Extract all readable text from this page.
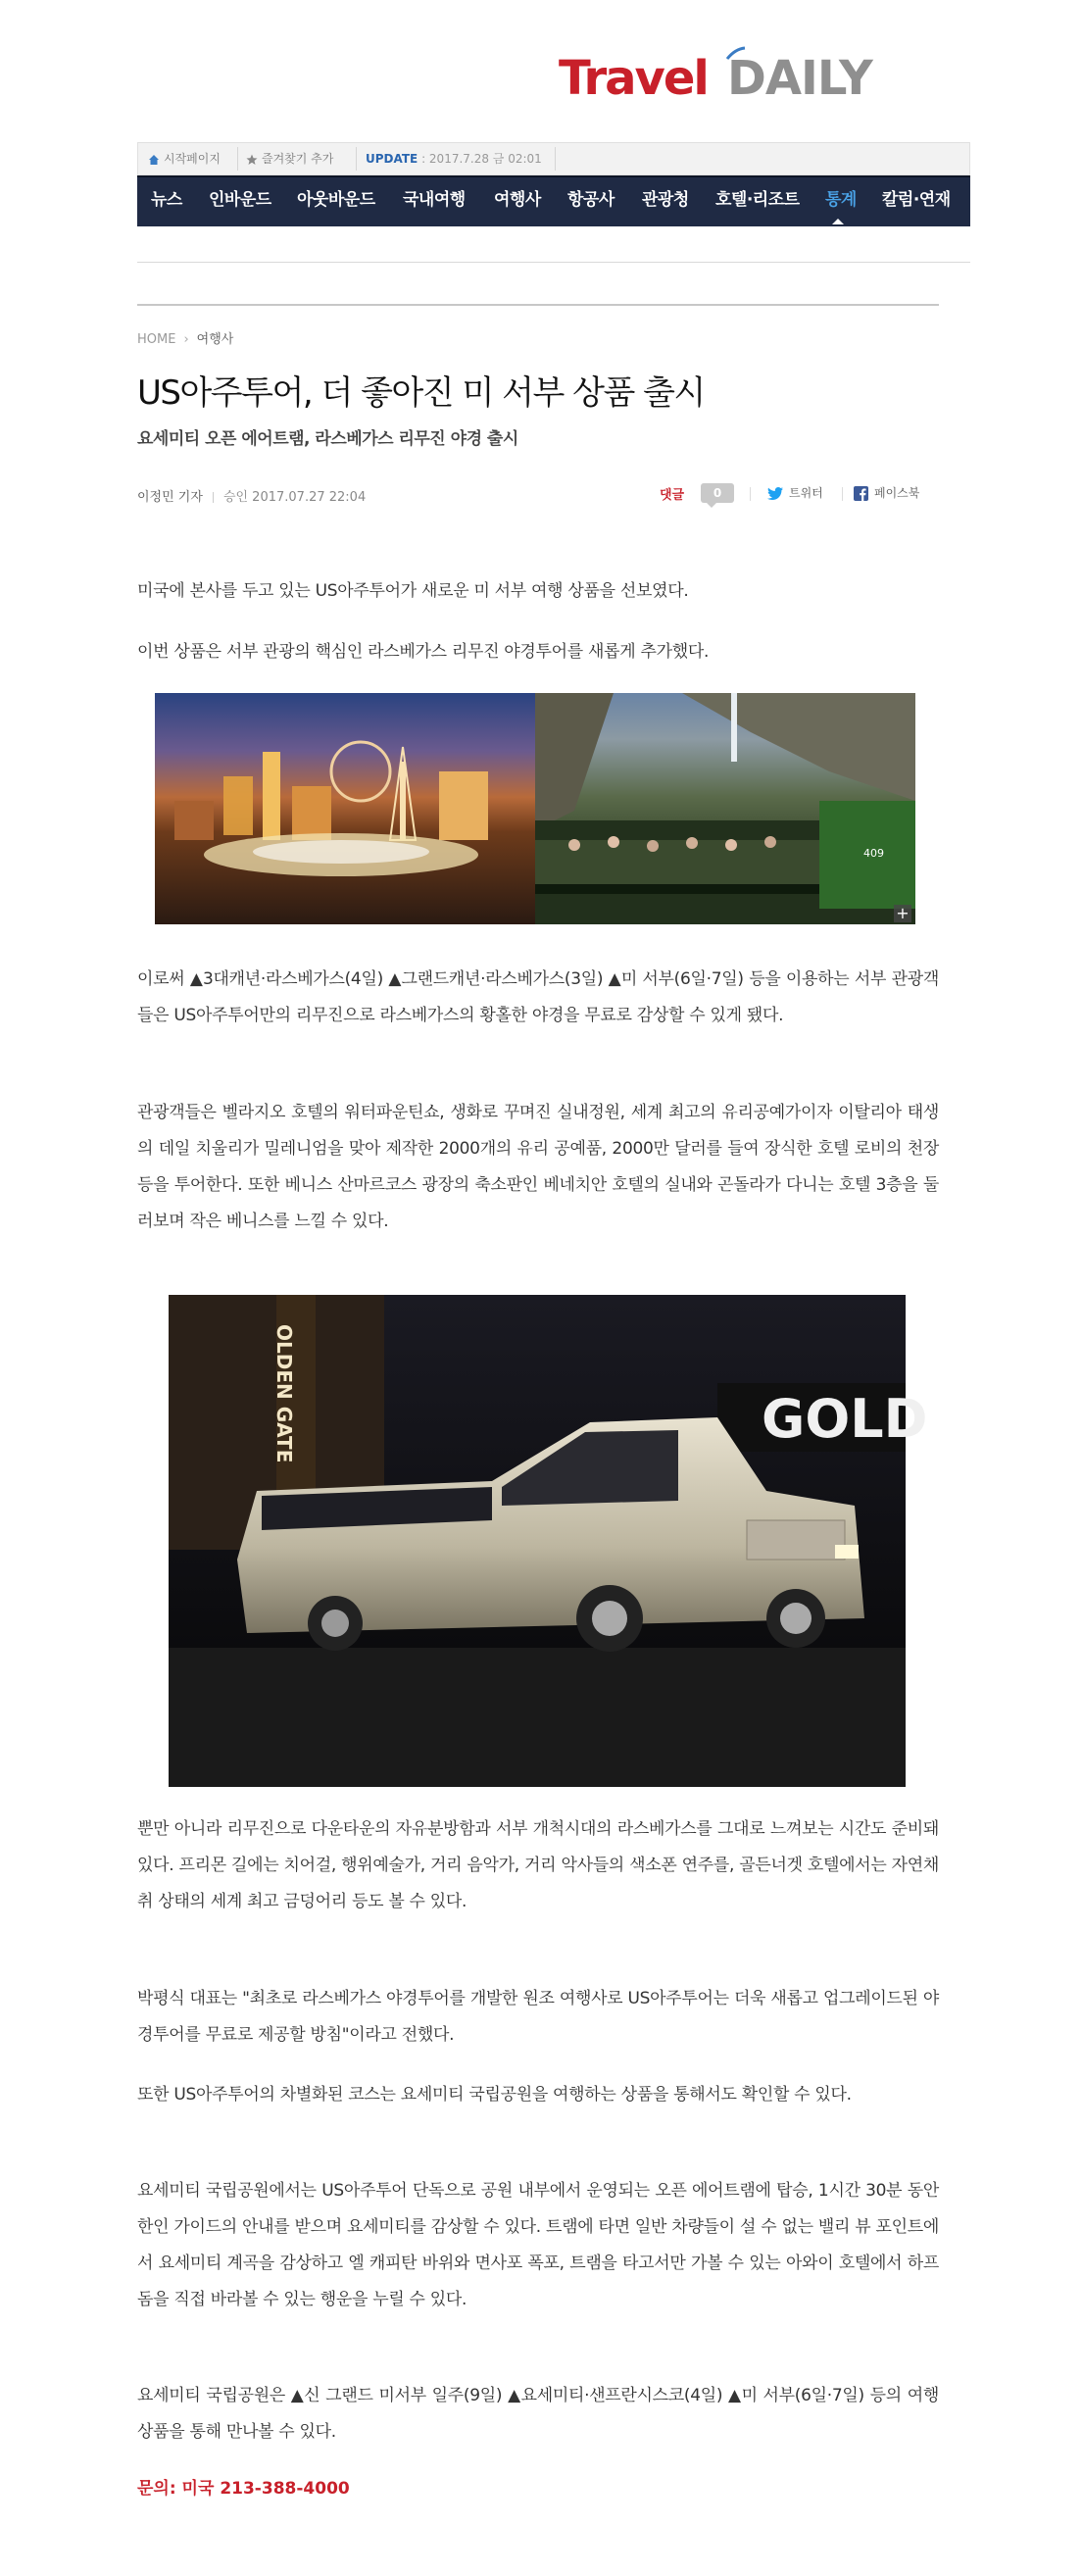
Travel DAILY
시작페이지	즐겨찾기 추가	UPDATE : 2017.7.28 금 02:01
뉴스 인바운드 아웃바운드 국내여행 여행사 항공사 관광청 호텔·리조트 통계 칼럼·연재
HOME › 여행사
US아주투어, 더 좋아진 미 서부 상품 출시
요세미티 오픈 에어트램, 라스베가스 리무진 야경 출시
이정민 기자 승인 2017.07.27 22:04	댓글	0	트위터	페이스북

미국에 본사를 두고 있는 US아주투어가 새로운 미 서부 여행 상품을 선보였다.

이번 상품은 서부 관광의 핵심인 라스베가스 리무진 야경투어를 새롭게 추가했다.

409
+

이로써 ▲3대캐년·라스베가스(4일) ▲그랜드캐년·라스베가스(3일) ▲미 서부(6일·7일) 등을 이용하는 서부 관광객들은 US아주투어만의 리무진으로 라스베가스의 황홀한 야경을 무료로 감상할 수 있게 됐다.

관광객들은 벨라지오 호텔의 워터파운틴쇼, 생화로 꾸며진 실내정원, 세계 최고의 유리공예가이자 이탈리아 태생의 데일 치울리가 밀레니엄을 맞아 제작한 2000개의 유리 공예품, 2000만 달러를 들여 장식한 호텔 로비의 천장 등을 투어한다. 또한 베니스 산마르코스 광장의 축소판인 베네치안 호텔의 실내와 곤돌라가 다니는 호텔 3층을 둘러보며 작은 베니스를 느낄 수 있다.

OLDEN GATE	GOLD

뿐만 아니라 리무진으로 다운타운의 자유분방함과 서부 개척시대의 라스베가스를 그대로 느껴보는 시간도 준비돼 있다. 프리몬 길에는 치어걸, 행위예술가, 거리 음악가, 거리 악사들의 색소폰 연주를, 골든너겟 호텔에서는 자연채취 상태의 세계 최고 금덩어리 등도 볼 수 있다.

박평식 대표는 "최초로 라스베가스 야경투어를 개발한 원조 여행사로 US아주투어는 더욱 새롭고 업그레이드된 야경투어를 무료로 제공할 방침"이라고 전했다.

또한 US아주투어의 차별화된 코스는 요세미티 국립공원을 여행하는 상품을 통해서도 확인할 수 있다.

요세미티 국립공원에서는 US아주투어 단독으로 공원 내부에서 운영되는 오픈 에어트램에 탑승, 1시간 30분 동안 한인 가이드의 안내를 받으며 요세미티를 감상할 수 있다. 트램에 타면 일반 차량들이 설 수 없는 밸리 뷰 포인트에서 요세미티 계곡을 감상하고 엘 캐피탄 바위와 면사포 폭포, 트램을 타고서만 가볼 수 있는 아와이 호텔에서 하프돔을 직접 바라볼 수 있는 행운을 누릴 수 있다.

요세미티 국립공원은 ▲신 그랜드 미서부 일주(9일) ▲요세미티·샌프란시스코(4일) ▲미 서부(6일·7일) 등의 여행상품을 통해 만나볼 수 있다.

문의: 미국 213-388-4000
